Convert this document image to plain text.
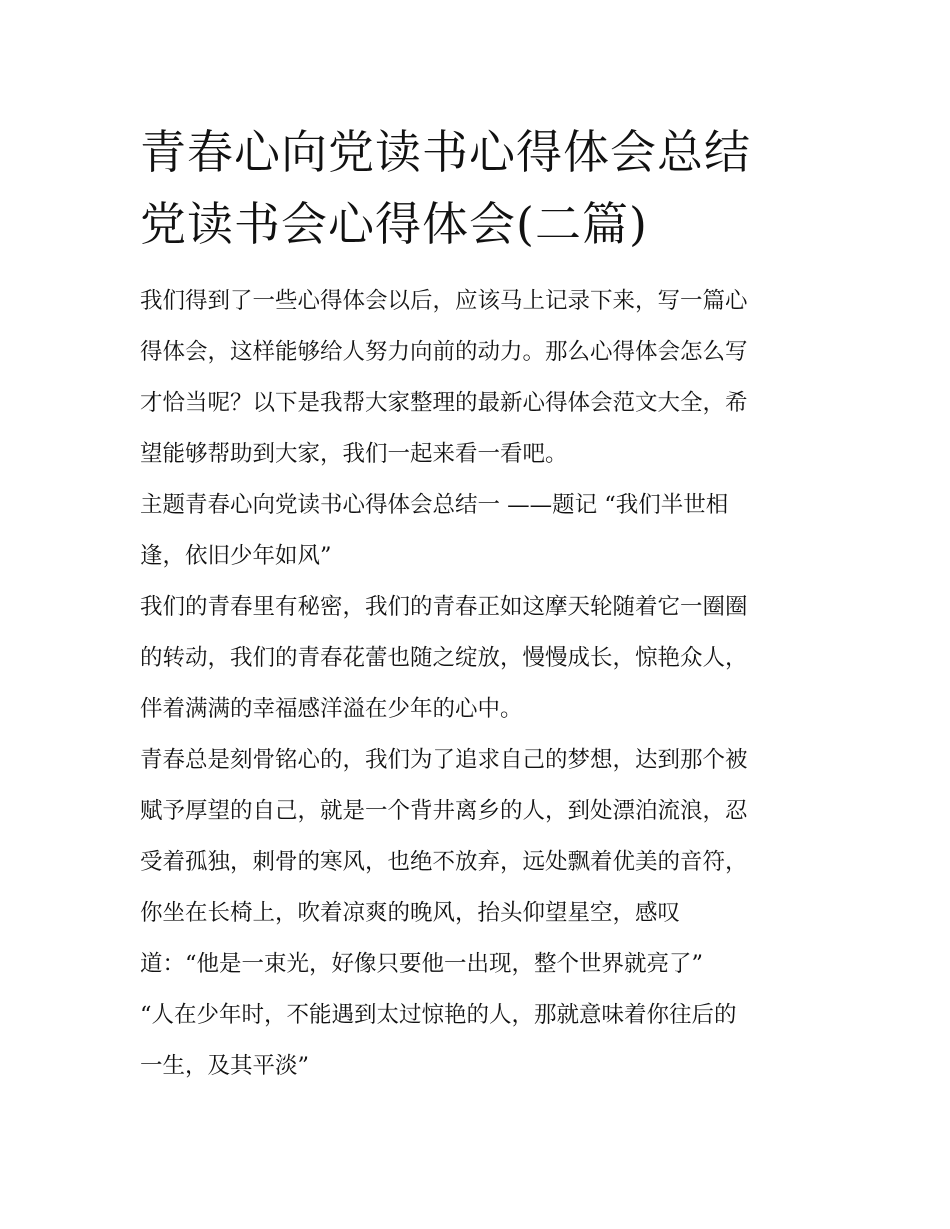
青春心向党读书心得体会总结
党读书会心得体会(二篇)
我们得到了一些心得体会以后，应该马上记录下来，写一篇心
得体会，这样能够给人努力向前的动力。那么心得体会怎么写
才恰当呢？以下是我帮大家整理的最新心得体会范文大全，希
望能够帮助到大家，我们一起来看一看吧。
主题青春心向党读书心得体会总结一 ——题记 “我们半世相
逢，依旧少年如风”
我们的青春里有秘密，我们的青春正如这摩天轮随着它一圈圈
的转动，我们的青春花蕾也随之绽放，慢慢成长，惊艳众人，
伴着满满的幸福感洋溢在少年的心中。
青春总是刻骨铭心的，我们为了追求自己的梦想，达到那个被
赋予厚望的自己，就是一个背井离乡的人，到处漂泊流浪，忍
受着孤独，刺骨的寒风，也绝不放弃，远处飘着优美的音符，
你坐在长椅上，吹着凉爽的晚风，抬头仰望星空，感叹
道：“他是一束光，好像只要他一出现，整个世界就亮了”
“人在少年时，不能遇到太过惊艳的人，那就意味着你往后的
一生，及其平淡”
